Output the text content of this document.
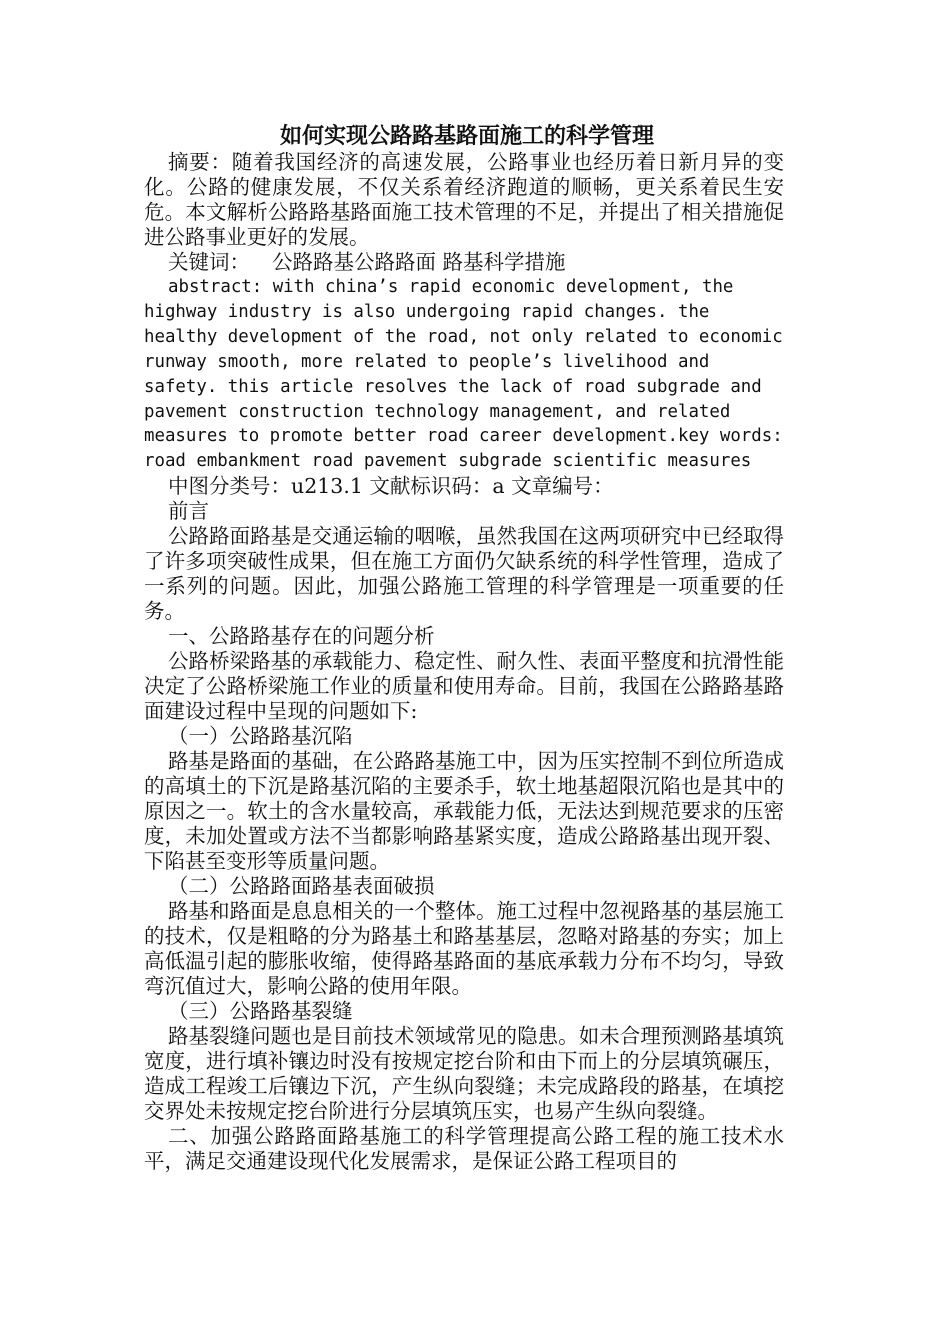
如何实现公路路基路面施工的科学管理

摘要：随着我国经济的高速发展，公路事业也经历着日新月异的变化。公路的健康发展，不仅关系着经济跑道的顺畅，更关系着民生安危。本文解析公路路基路面施工技术管理的不足，并提出了相关措施促进公路事业更好的发展。

关键词： 公路路基公路路面 路基科学措施

abstract: with china’s rapid economic development, the highway industry is also undergoing rapid changes. the healthy development of the road, not only related to economic runway smooth, more related to people’s livelihood and safety. this article resolves the lack of road subgrade and pavement construction technology management, and related measures to promote better road career development.key words: road embankment road pavement subgrade scientific measures

中图分类号：u213.1 文献标识码：a 文章编号：

前言

公路路面路基是交通运输的咽喉，虽然我国在这两项研究中已经取得了许多项突破性成果，但在施工方面仍欠缺系统的科学性管理，造成了一系列的问题。因此，加强公路施工管理的科学管理是一项重要的任务。

一、公路路基存在的问题分析

公路桥梁路基的承载能力、稳定性、耐久性、表面平整度和抗滑性能决定了公路桥梁施工作业的质量和使用寿命。目前，我国在公路路基路面建设过程中呈现的问题如下:

（一）公路路基沉陷

路基是路面的基础，在公路路基施工中，因为压实控制不到位所造成的高填土的下沉是路基沉陷的主要杀手，软土地基超限沉陷也是其中的原因之一。软土的含水量较高，承载能力低，无法达到规范要求的压密度，未加处置或方法不当都影响路基紧实度，造成公路路基出现开裂、下陷甚至变形等质量问题。

（二）公路路面路基表面破损

路基和路面是息息相关的一个整体。施工过程中忽视路基的基层施工的技术，仅是粗略的分为路基土和路基基层，忽略对路基的夯实；加上高低温引起的膨胀收缩，使得路基路面的基底承载力分布不均匀，导致弯沉值过大，影响公路的使用年限。

（三）公路路基裂缝

路基裂缝问题也是目前技术领域常见的隐患。如未合理预测路基填筑宽度，进行填补镶边时没有按规定挖台阶和由下而上的分层填筑碾压，造成工程竣工后镶边下沉，产生纵向裂缝；未完成路段的路基，在填挖交界处未按规定挖台阶进行分层填筑压实，也易产生纵向裂缝。

二、加强公路路面路基施工的科学管理提高公路工程的施工技术水平，满足交通建设现代化发展需求，是保证公路工程项目的
